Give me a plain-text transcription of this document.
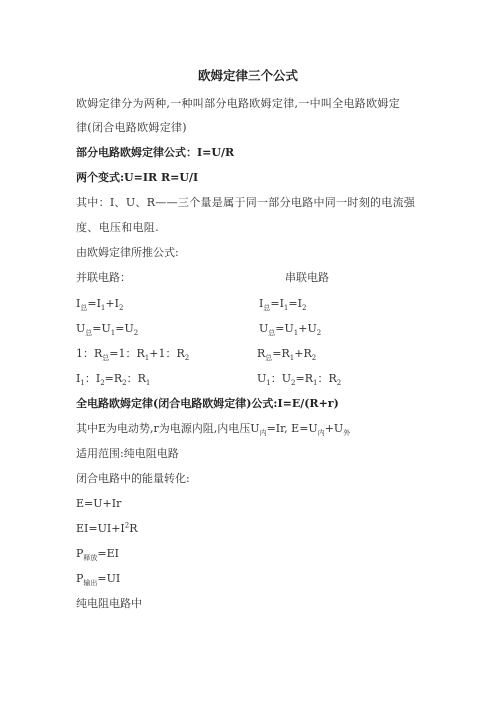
欧姆定律三个公式
欧姆定律分为两种,一种叫部分电路欧姆定律,一中叫全电路欧姆定
律(闭合电路欧姆定律)
部分电路欧姆定律公式：I=U/R
两个变式:U=IR R=U/I
其中：I、U、R——三个量是属于同一部分电路中同一时刻的电流强
度、电压和电阻.
由欧姆定律所推公式:
并联电路：	串联电路
$I_总=I_1+I_2$
$U_总=U_1=U_2$
1：$R_总=1$：$R_1+1$：$R_2$
$I_1$：$I_2=R_2$：$R_1$
$I_总=I_1=I_2$
$U_总=U_1+U_2$
$R_总=R_1+R_2$
$U_1$：$U_2=R_1$：$R_2$
全电路欧姆定律(闭合电路欧姆定律)公式:I=E/(R+r)
其中E为电动势,r为电源内阻,内电压$U_内=Ir$, $E=U_内+U_外$
适用范围:纯电阻电路
闭合电路中的能量转化:
E=U+Ir
$EI=UI+I^2R$
$P_{释放}=EI$
$P_{输出}=UI$
纯电阻电路中
